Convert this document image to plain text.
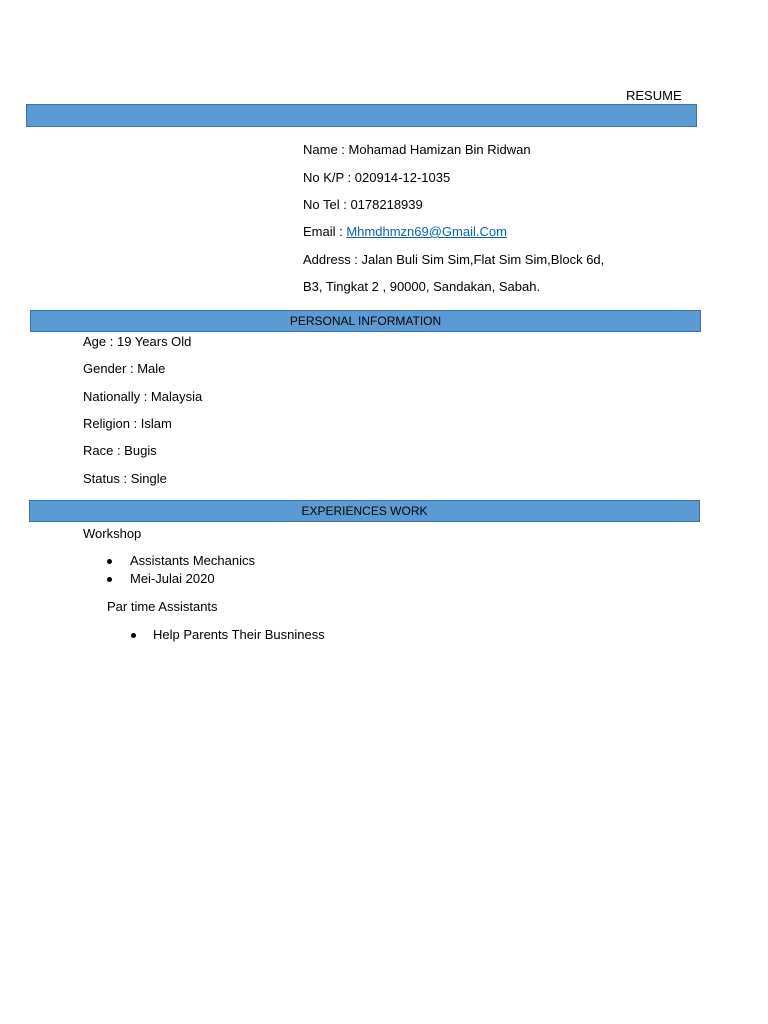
RESUME
Name : Mohamad Hamizan Bin Ridwan
No K/P : 020914-12-1035
No Tel : 0178218939
Email : Mhmdhmzn69@Gmail.Com
Address : Jalan Buli Sim Sim,Flat Sim Sim,Block 6d,
B3, Tingkat 2 , 90000, Sandakan, Sabah.
PERSONAL INFORMATION
Age : 19 Years Old
Gender : Male
Nationally : Malaysia
Religion : Islam
Race : Bugis
Status : Single
EXPERIENCES WORK
Workshop
Assistants Mechanics
Mei-Julai 2020
Par time Assistants
Help Parents Their Busniness
